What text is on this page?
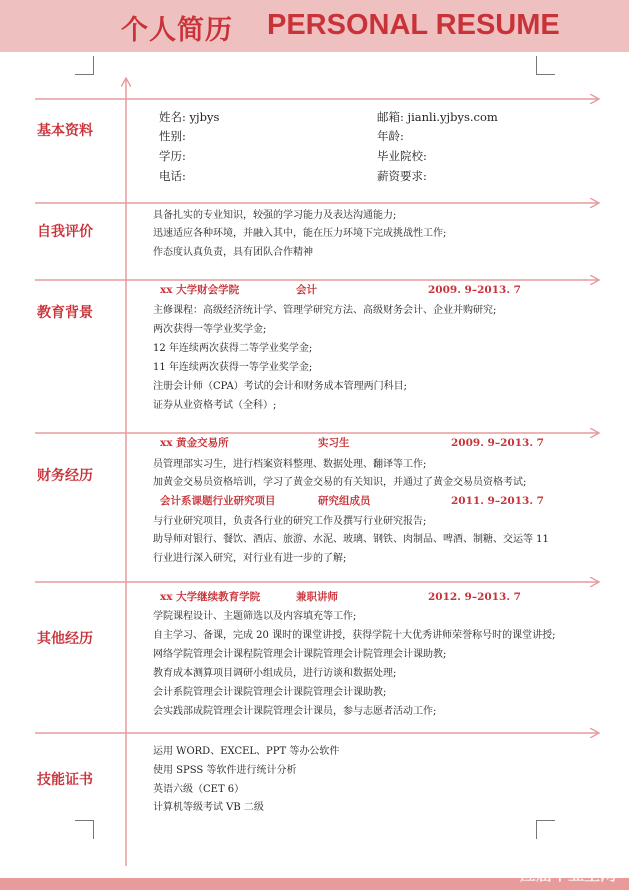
个人简历 PERSONAL RESUME
基本资料
自我评价
教育背景
财务经历
其他经历
技能证书
姓名: yjbys	邮箱: jianli.yjbys.com
性别:	年龄:
学历:	毕业院校:
电话:	薪资要求:
具备扎实的专业知识，较强的学习能力及表达沟通能力;
迅速适应各种环境，并融入其中，能在压力环境下完成挑战性工作;
作态度认真负责，具有团队合作精神
xx 大学财会学院	会计	2009. 9–2013. 7
主修课程：高级经济统计学、管理学研究方法、高级财务会计、企业并购研究;
两次获得一等学业奖学金;
12 年连续两次获得二等学业奖学金;
11 年连续两次获得一等学业奖学金;
注册会计师（CPA）考试的会计和财务成本管理两门科目;
证券从业资格考试（全科）;
xx 黄金交易所	实习生	2009. 9–2013. 7
员管理部实习生，进行档案资料整理、数据处理、翻译等工作;
加黄金交易员资格培训，学习了黄金交易的有关知识，并通过了黄金交易员资格考试;
会计系课题行业研究项目	研究组成员	2011. 9–2013. 7
与行业研究项目，负责各行业的研究工作及撰写行业研究报告;
助导师对银行、餐饮、酒店、旅游、水泥、玻璃、钢铁、肉制品、啤酒、制糖、交运等 11
行业进行深入研究，对行业有进一步的了解;
xx 大学继续教育学院	兼职讲师	2012. 9–2013. 7
学院课程设计、主题筛选以及内容填充等工作;
自主学习、备课，完成 20 课时的课堂讲授，获得学院十大优秀讲师荣誉称号时的课堂讲授;
网络学院管理会计课程院管理会计课院管理会计院管理会计课助教;
教育成本测算项目调研小组成员，进行访谈和数据处理;
会计系院管理会计课院管理会计课院管理会计课助教;
会实践部成院管理会计课院管理会计课员，参与志愿者活动工作;
运用 WORD、EXCEL、PPT 等办公软件
使用 SPSS 等软件进行统计分析
英语六级（CET 6）
计算机等级考试 VB 二级
应届毕业生网
